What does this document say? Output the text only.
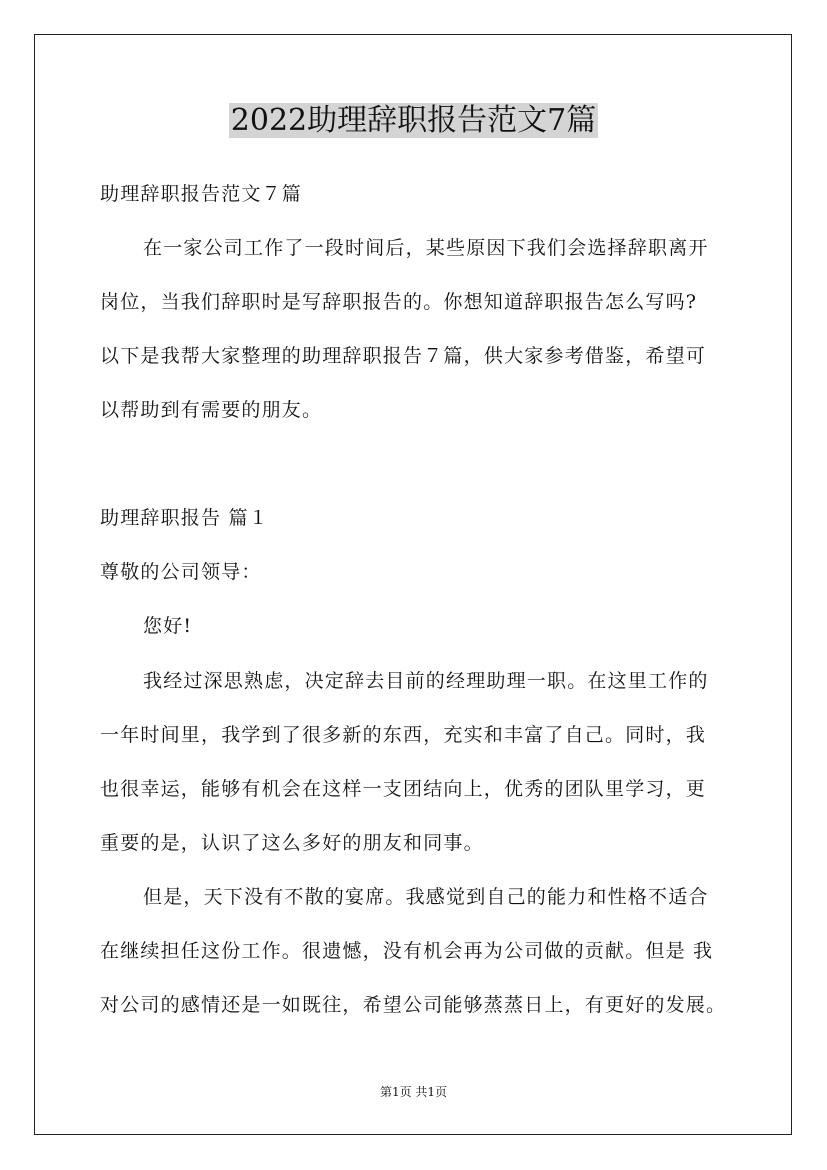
2022助理辞职报告范文7篇
助理辞职报告范文７篇
在一家公司工作了一段时间后，某些原因下我们会选择辞职离开
岗位，当我们辞职时是写辞职报告的。你想知道辞职报告怎么写吗?
以下是我帮大家整理的助理辞职报告７篇，供大家参考借鉴，希望可
以帮助到有需要的朋友。
助理辞职报告 篇１
尊敬的公司领导：
您好!
我经过深思熟虑，决定辞去目前的经理助理一职。在这里工作的
一年时间里，我学到了很多新的东西，充实和丰富了自己。同时，我
也很幸运，能够有机会在这样一支团结向上，优秀的团队里学习，更
重要的是，认识了这么多好的朋友和同事。
但是，天下没有不散的宴席。我感觉到自己的能力和性格不适合
在继续担任这份工作。很遗憾，没有机会再为公司做的贡献。但是 我
对公司的感情还是一如既往，希望公司能够蒸蒸日上，有更好的发展。
第1页 共1页
